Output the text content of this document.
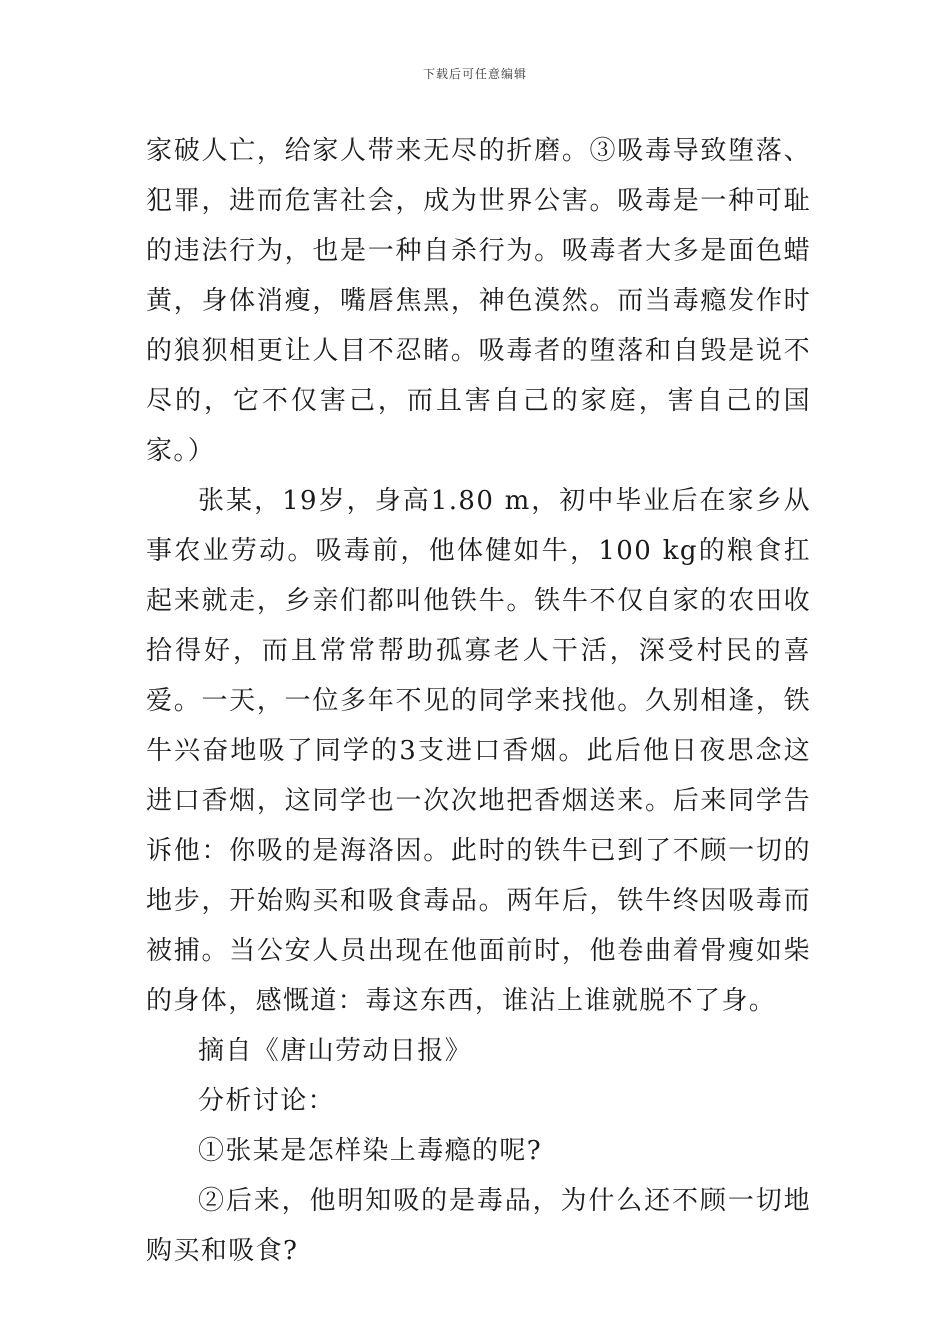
下载后可任意编辑

家破人亡，给家人带来无尽的折磨。③吸毒导致堕落、犯罪，进而危害社会，成为世界公害。吸毒是一种可耻的违法行为，也是一种自杀行为。吸毒者大多是面色蜡黄，身体消瘦，嘴唇焦黑，神色漠然。而当毒瘾发作时的狼狈相更让人目不忍睹。吸毒者的堕落和自毁是说不尽的，它不仅害己，而且害自己的家庭，害自己的国家。）

张某，19岁，身高1.80 m，初中毕业后在家乡从事农业劳动。吸毒前，他体健如牛，100 kg的粮食扛起来就走，乡亲们都叫他铁牛。铁牛不仅自家的农田收拾得好，而且常常帮助孤寡老人干活，深受村民的喜爱。一天，一位多年不见的同学来找他。久别相逢，铁牛兴奋地吸了同学的3支进口香烟。此后他日夜思念这进口香烟，这同学也一次次地把香烟送来。后来同学告诉他：你吸的是海洛因。此时的铁牛已到了不顾一切的地步，开始购买和吸食毒品。两年后，铁牛终因吸毒而被捕。当公安人员出现在他面前时，他卷曲着骨瘦如柴的身体，感慨道：毒这东西，谁沾上谁就脱不了身。

摘自《唐山劳动日报》

分析讨论：

①张某是怎样染上毒瘾的呢?

②后来，他明知吸的是毒品，为什么还不顾一切地购买和吸食?
